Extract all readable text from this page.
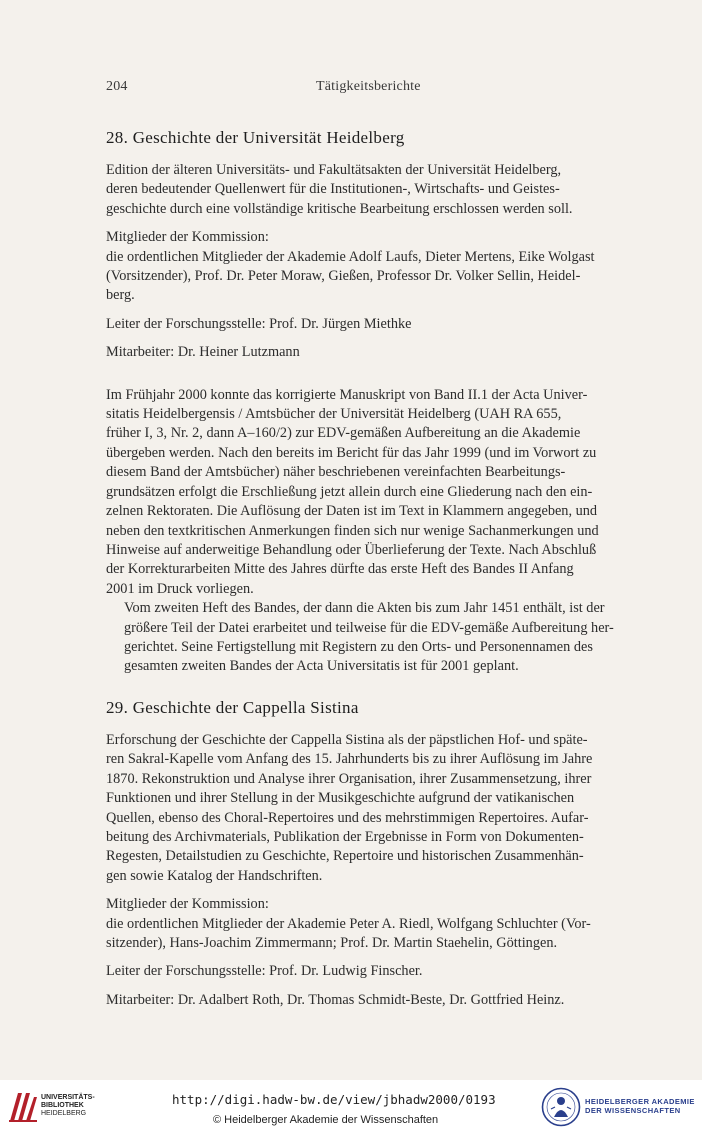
204	Tätigkeitsberichte
28. Geschichte der Universität Heidelberg

Edition der älteren Universitäts- und Fakultätsakten der Universität Heidelberg,
deren bedeutender Quellenwert für die Institutionen-, Wirtschafts- und Geistes-
geschichte durch eine vollständige kritische Bearbeitung erschlossen werden soll.

Mitglieder der Kommission:
die ordentlichen Mitglieder der Akademie Adolf Laufs, Dieter Mertens, Eike Wolgast
(Vorsitzender), Prof. Dr. Peter Moraw, Gießen, Professor Dr. Volker Sellin, Heidel-
berg.

Leiter der Forschungsstelle: Prof. Dr. Jürgen Miethke

Mitarbeiter: Dr. Heiner Lutzmann

Im Frühjahr 2000 konnte das korrigierte Manuskript von Band II.1 der Acta Univer-
sitatis Heidelbergensis / Amtsbücher der Universität Heidelberg (UAH RA 655,
früher I, 3, Nr. 2, dann A–160/2) zur EDV-gemäßen Aufbereitung an die Akademie
übergeben werden. Nach den bereits im Bericht für das Jahr 1999 (und im Vorwort zu
diesem Band der Amtsbücher) näher beschriebenen vereinfachten Bearbeitungs-
grundsätzen erfolgt die Erschließung jetzt allein durch eine Gliederung nach den ein-
zelnen Rektoraten. Die Auflösung der Daten ist im Text in Klammern angegeben, und
neben den textkritischen Anmerkungen finden sich nur wenige Sachanmerkungen und
Hinweise auf anderweitige Behandlung oder Überlieferung der Texte. Nach Abschluß
der Korrekturarbeiten Mitte des Jahres dürfte das erste Heft des Bandes II Anfang
2001 im Druck vorliegen.

Vom zweiten Heft des Bandes, der dann die Akten bis zum Jahr 1451 enthält, ist der
größere Teil der Datei erarbeitet und teilweise für die EDV-gemäße Aufbereitung her-
gerichtet. Seine Fertigstellung mit Registern zu den Orts- und Personennamen des
gesamten zweiten Bandes der Acta Universitatis ist für 2001 geplant.

29. Geschichte der Cappella Sistina

Erforschung der Geschichte der Cappella Sistina als der päpstlichen Hof- und späte-
ren Sakral-Kapelle vom Anfang des 15. Jahrhunderts bis zu ihrer Auflösung im Jahre
1870. Rekonstruktion und Analyse ihrer Organisation, ihrer Zusammensetzung, ihrer
Funktionen und ihrer Stellung in der Musikgeschichte aufgrund der vatikanischen
Quellen, ebenso des Choral-Repertoires und des mehrstimmigen Repertoires. Aufar-
beitung des Archivmaterials, Publikation der Ergebnisse in Form von Dokumenten-
Regesten, Detailstudien zu Geschichte, Repertoire und historischen Zusammenhän-
gen sowie Katalog der Handschriften.

Mitglieder der Kommission:
die ordentlichen Mitglieder der Akademie Peter A. Riedl, Wolfgang Schluchter (Vor-
sitzender), Hans-Joachim Zimmermann; Prof. Dr. Martin Staehelin, Göttingen.

Leiter der Forschungsstelle: Prof. Dr. Ludwig Finscher.

Mitarbeiter: Dr. Adalbert Roth, Dr. Thomas Schmidt-Beste, Dr. Gottfried Heinz.

UNIVERSITÄTS-
BIBLIOTHEK
HEIDELBERG
http://digi.hadw-bw.de/view/jbhadw2000/0193
© Heidelberger Akademie der Wissenschaften
HEIDELBERGER AKADEMIE
DER WISSENSCHAFTEN
